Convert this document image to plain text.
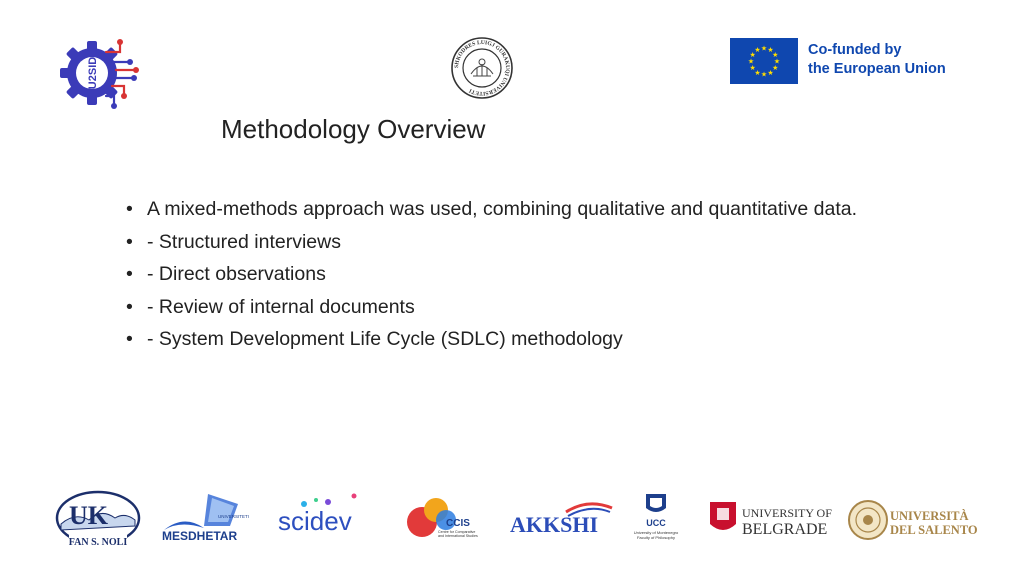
U2SID	SHKODRES LUIGJ GURAKUQI UNIVERSITETI
★ ★
★
★
★
★
★
★
★
★
★
★	Co-funded by
the European Union
Methodology Overview
• A mixed-methods approach was used, combining qualitative and quantitative data.
• - Structured interviews
• - Direct observations
• - Review of internal documents
• - System Development Life Cycle (SDLC) methodology
UK
FAN S. NOLI
UNIVERSITETI
MESDHETAR scidev	CCIS
Centre for Comparative
and International Studies AKKSHI	UCC
University of Montenegro
Faculty of Philosophy
UNIVERSITY OF
BELGRADE
UNIVERSITÀ
DEL SALENTO
